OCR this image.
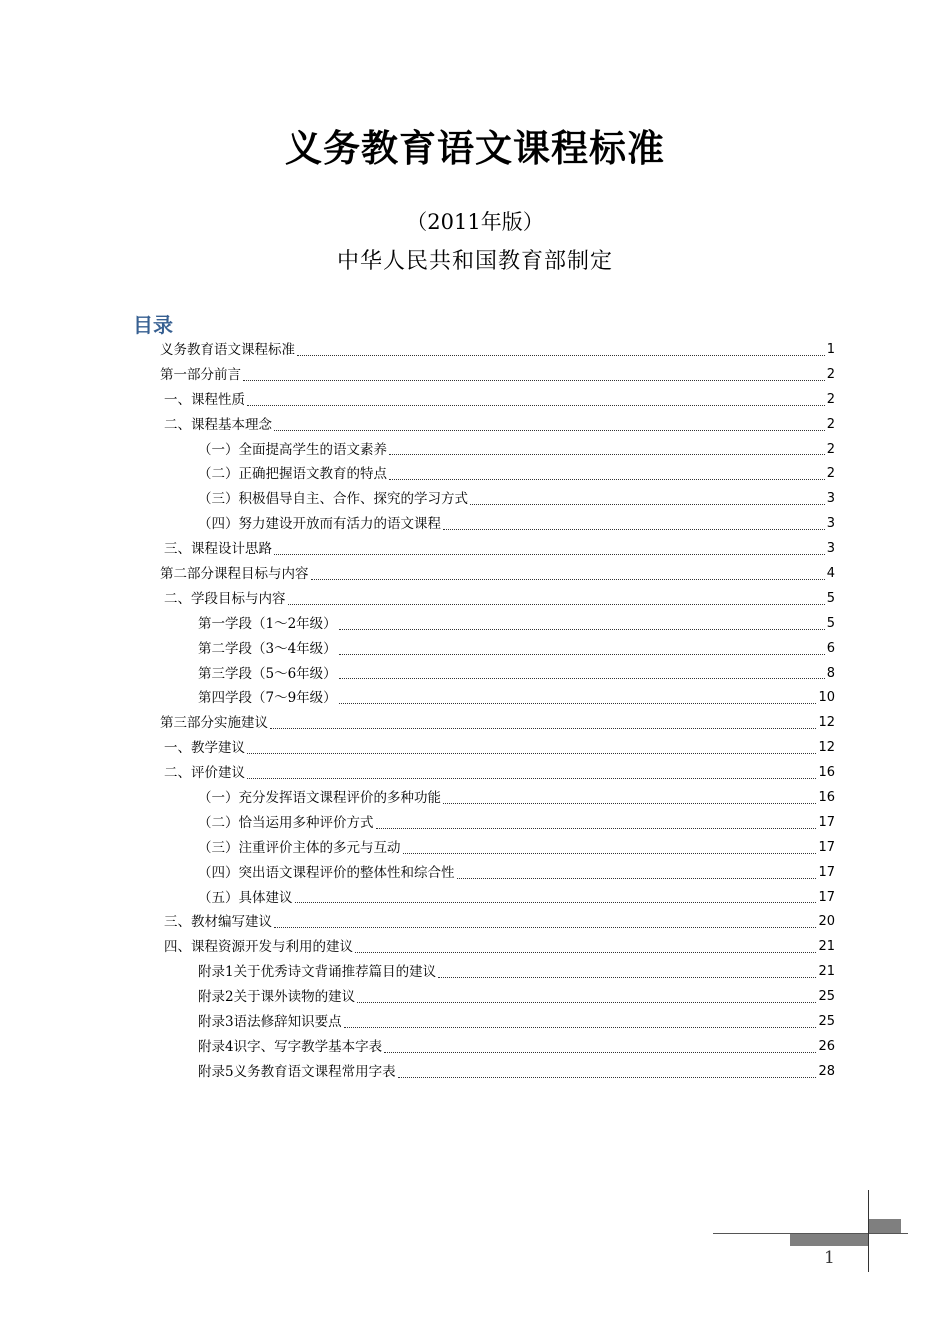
义务教育语文课程标准
（2011年版）
中华人民共和国教育部制定
目录
义务教育语文课程标准	1
第一部分前言	2
一、课程性质	2
二、课程基本理念	2
（一）全面提高学生的语文素养	2
（二）正确把握语文教育的特点	2
（三）积极倡导自主、合作、探究的学习方式	3
（四）努力建设开放而有活力的语文课程	3
三、课程设计思路	3
第二部分课程目标与内容	4
二、学段目标与内容	5
第一学段（1～2年级）	5
第二学段（3～4年级）	6
第三学段（5～6年级）	8
第四学段（7～9年级）	10
第三部分实施建议	12
一、教学建议	12
二、评价建议	16
（一）充分发挥语文课程评价的多种功能	16
（二）恰当运用多种评价方式	17
（三）注重评价主体的多元与互动	17
（四）突出语文课程评价的整体性和综合性	17
（五）具体建议	17
三、教材编写建议	20
四、课程资源开发与利用的建议	21
附录1关于优秀诗文背诵推荐篇目的建议	21
附录2关于课外读物的建议	25
附录3语法修辞知识要点	25
附录4识字、写字教学基本字表	26
附录5义务教育语文课程常用字表	28
1
